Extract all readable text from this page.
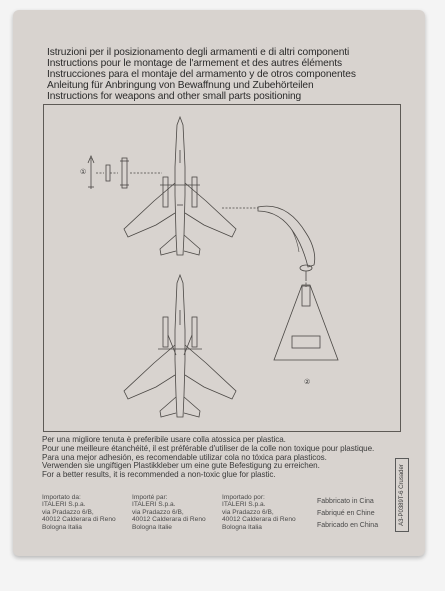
Istruzioni per il posizionamento degli armamenti e di altri componenti
Instructions pour le montage de l'armement et des autres éléments
Instrucciones para el montaje del armamento y de otros componentes
Anleitung für Anbringung von Bewaffnung und Zubehörteilen
Instructions for weapons and other small parts positioning
①
②
Per una migliore tenuta è preferibile usare colla atossica per plastica.
Pour une meilleure étanchéité, il est préférable d'utiliser de la colle non toxique pour plastique.
Para una mejor adhesión, es recomendable utilizar cola no tóxica para plasticos.
Verwenden sie ungiftigen Plastikkleber um eine gute Befestigung zu erreichen.
For a better results, it is recommended a non-toxic glue for plastic.
Importato da:
ITALERI S.p.a.
via Pradazzo 6/B,
40012 Calderara di Reno
Bologna Italia
Importé par:
ITALERI S.p.a.
via Pradazzo 6/B,
40012 Calderara di Reno
Bologna Italie
Importado por:
ITALERI S.p.a.
via Pradazzo 6/B,
40012 Calderara di Reno
Bologna Italia
Fabbricato in Cina
Fabriqué en Chine
Fabricado en China	A3-P0389T-6 Crusader
